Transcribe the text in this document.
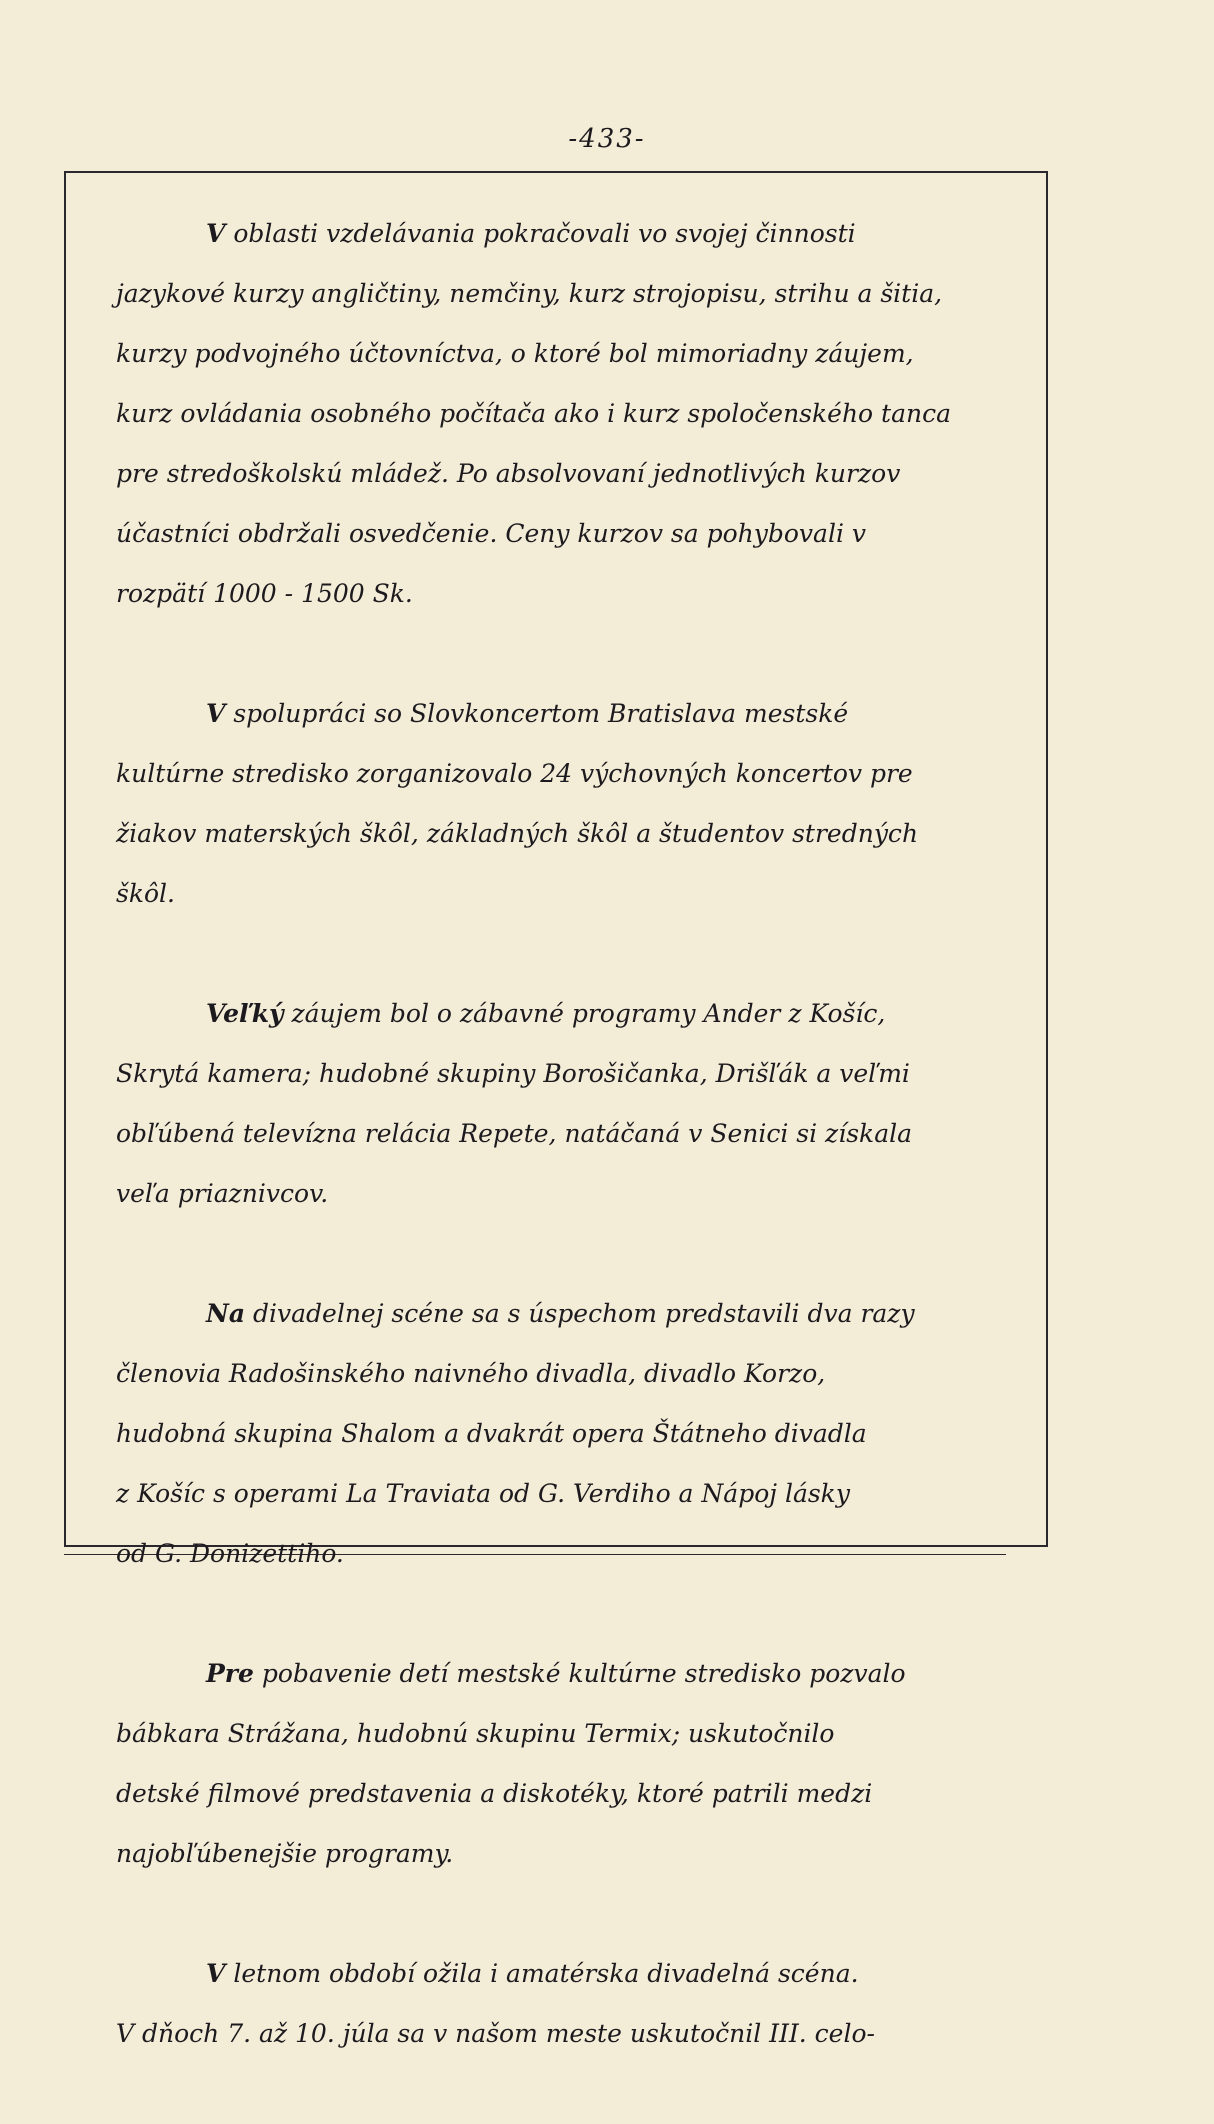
-433-
V oblasti vzdelávania pokračovali vo svojej činnosti
jazykové kurzy angličtiny, nemčiny, kurz strojopisu, strihu a šitia,
kurzy podvojného účtovníctva, o ktoré bol mimoriadny záujem,
kurz ovládania osobného počítača ako i kurz spoločenského tanca
pre stredoškolskú mládež. Po absolvovaní jednotlivých kurzov
účastníci obdržali osvedčenie. Ceny kurzov sa pohybovali v
rozpätí 1000 - 1500 Sk.
V spolupráci so Slovkoncertom Bratislava mestské
kultúrne stredisko zorganizovalo 24 výchovných koncertov pre
žiakov materských škôl, základných škôl a študentov stredných
škôl.
Veľký záujem bol o zábavné programy Ander z Košíc,
Skrytá kamera; hudobné skupiny Borošičanka, Drišľák a veľmi
obľúbená televízna relácia Repete, natáčaná v Senici si získala
veľa priaznivcov.
Na divadelnej scéne sa s úspechom predstavili dva razy
členovia Radošinského naivného divadla, divadlo Korzo,
hudobná skupina Shalom a dvakrát opera Štátneho divadla
z Košíc s operami La Traviata od G. Verdiho a Nápoj lásky
od G. Donizettiho.
Pre pobavenie detí mestské kultúrne stredisko pozvalo
bábkara Strážana, hudobnú skupinu Termix; uskutočnilo
detské filmové predstavenia a diskotéky, ktoré patrili medzi
najobľúbenejšie programy.
V letnom období ožila i amatérska divadelná scéna.
V dňoch 7. až 10. júla sa v našom meste uskutočnil III. celo-
